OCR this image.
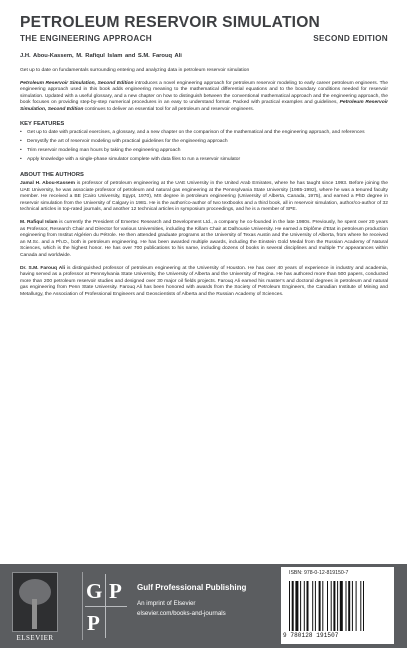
PETROLEUM RESERVOIR SIMULATION
THE ENGINEERING APPROACH	SECOND EDITION
J.H. Abou-Kassem, M. Rafiqul Islam and S.M. Farouq Ali

Get up to date on fundamentals surrounding entering and analyzing data in petroleum reservoir simulation

Petroleum Reservoir Simulation, Second Edition introduces a novel engineering approach for petroleum reservoir modeling to early career petroleum engineers. The engineering approach used in this book adds engineering meaning to the mathematical differential equations and to the boundary conditions needed for reservoir simulation. Updated with a useful glossary, and a new chapter on how to distinguish between the conventional mathematical approach and the engineering approach, the book focuses on providing step-by-step numerical procedures in an easy to understand format. Packed with practical examples and guidelines, Petroleum Reservoir Simulation, Second Edition continues to deliver an essential tool for all petroleum and reservoir engineers.

KEY FEATURES
• Get up to date with practical exercises, a glossary, and a new chapter on the comparison of the mathematical and the engineering approach, and references
• Demystify the art of reservoir modeling with practical guidelines for the engineering approach
• Trim reservoir modeling man hours by taking the engineering approach
• Apply knowledge with a single-phase simulator complete with data files to run a reservoir simulator
ABOUT THE AUTHORS

Jamal H. Abou-Kassem is professor of petroleum engineering at the UAE University in the United Arab Emirates, where he has taught since 1993. Before joining the UAE University, he was associate professor of petroleum and natural gas engineering at the Pennsylvania State University (1985-1992), where he was a tenured faculty member. He received a BE (Cairo University, Egypt, 1970), MS degree in petroleum engineering (University of Alberta, Canada, 1975), and earned a PhD degree in reservoir simulation from the University of Calgary in 1981. He is the author/co-author of two textbooks and a third book, all in reservoir simulation, author/co-author of 32 technical articles in top-rated journals, and another 12 technical articles in symposium proceedings, and he is a member of SPE.

M. Rafiqul Islam is currently the President of Emertec Research and Development Ltd., a company he co-founded in the late 1980s. Previously, he spent over 20 years as Professor, Research Chair and Director for various Universities, including the Killam Chair at Dalhousie University. He earned a Diplôme d’Etat in petroleum production engineering from Institut Algérien du Pétrole. He then attended graduate programs at the University of Texas Austin and the University of Alberta, from where he received an M.Sc. and a Ph.D., both in petroleum engineering. He has been awarded multiple awards, including the Einstein Gold Medal from the Russian Academy of Natural Sciences, which is the highest honor. He has over 700 publications to his name, including dozens of books in several disciplines and multiple TV appearances within Canada and worldwide.

Dr. S.M. Farouq Ali is distinguished professor of petroleum engineering at the University of Houston. He has over 40 years of experience in industry and academia, having served as a professor at Pennsylvania State University, the University of Alberta and the University of Regina. He has authored more than 500 papers, conducted more than 200 petroleum reservoir studies and designed over 30 major oil fields projects. Farouq Ali earned his master’s and doctoral degrees in petroleum and natural gas engineering from Penn State University. Farouq Ali has been honored with awards from the Society of Petroleum Engineers, the Canadian Institute of Mining and Metallurgy, the Association of Professional Engineers and Geoscientists of Alberta and the Russian Academy of Sciences.

ELSEVIER
G P
P
Gulf Professional Publishing
An imprint of Elsevier
elsevier.com/books-and-journals
ISBN: 978-0-12-819150-7
9 780128 191507
